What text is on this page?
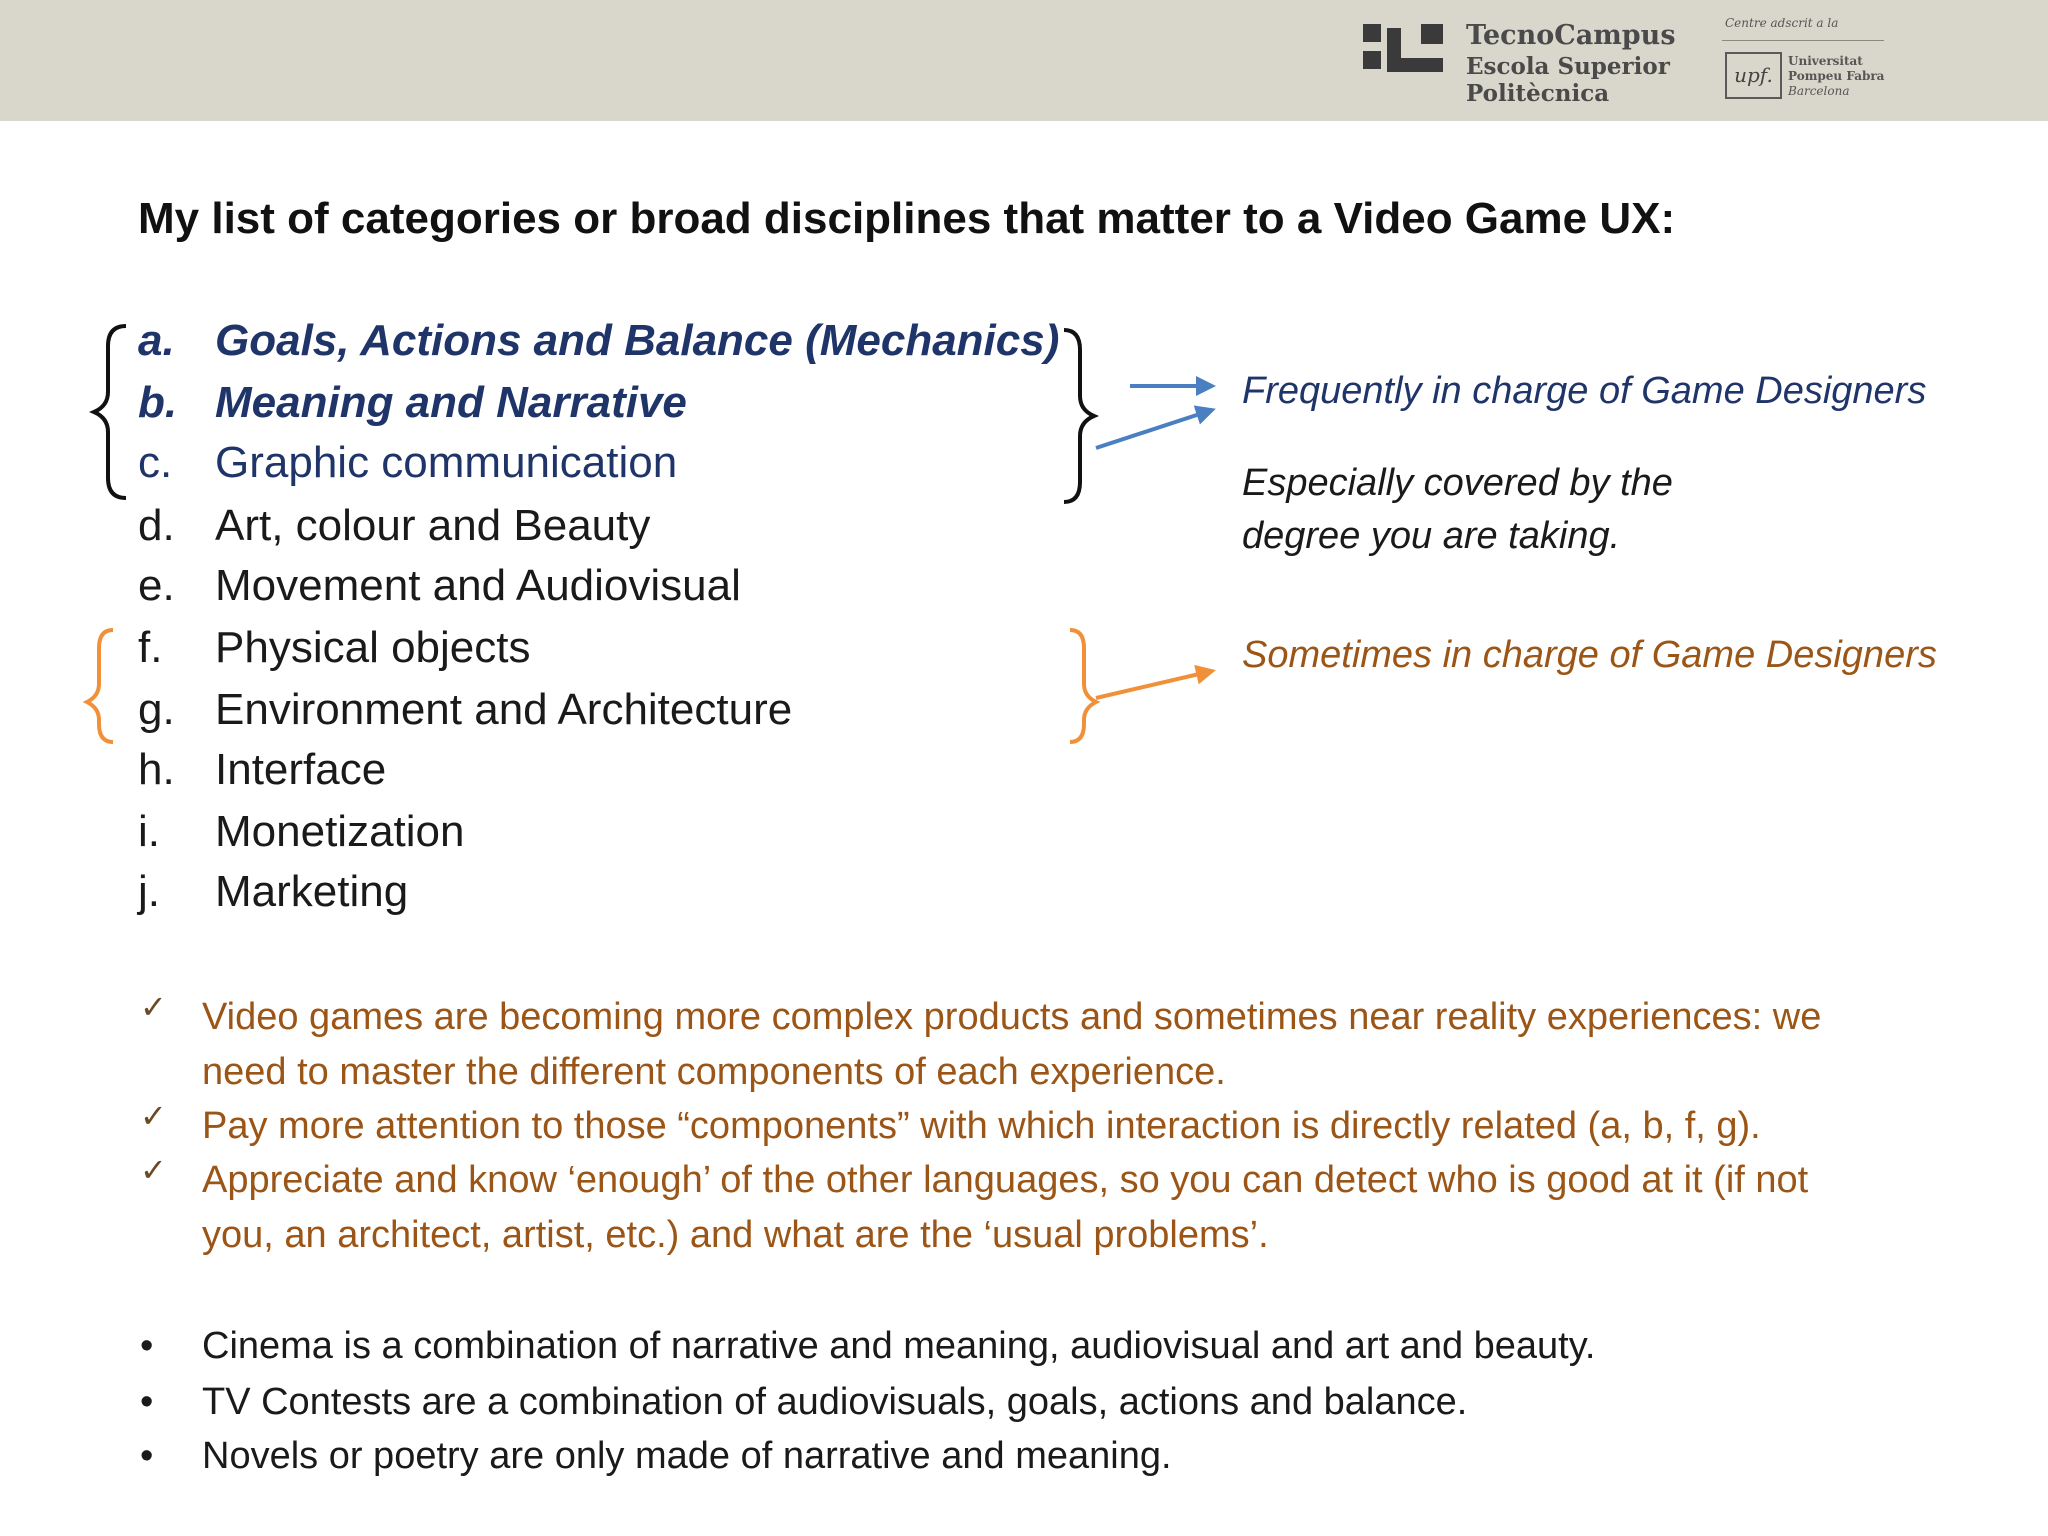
TecnoCampus
Escola Superior
Politècnica
Centre adscrit a la
upf.
Universitat
Pompeu Fabra
Barcelona
My list of categories or broad disciplines that matter to a Video Game UX:
a. Goals, Actions and Balance (Mechanics)
b. Meaning and Narrative
c. Graphic communication
d. Art, colour and Beauty
e. Movement and Audiovisual
f. Physical objects
g. Environment and Architecture
h. Interface
i. Monetization
j. Marketing
Frequently in charge of Game Designers
Especially covered by the
degree you are taking.
Sometimes in charge of Game Designers
✓ Video games are becoming more complex products and sometimes near reality experiences: we
need to master the different components of each experience.
✓ Pay more attention to those “components” with which interaction is directly related (a, b, f, g).
✓ Appreciate and know ‘enough’ of the other languages, so you can detect who is good at it (if not
you, an architect, artist, etc.) and what are the ‘usual problems’.
• Cinema is a combination of narrative and meaning, audiovisual and art and beauty.
• TV Contests are a combination of audiovisuals, goals, actions and balance.
• Novels or poetry are only made of narrative and meaning.
